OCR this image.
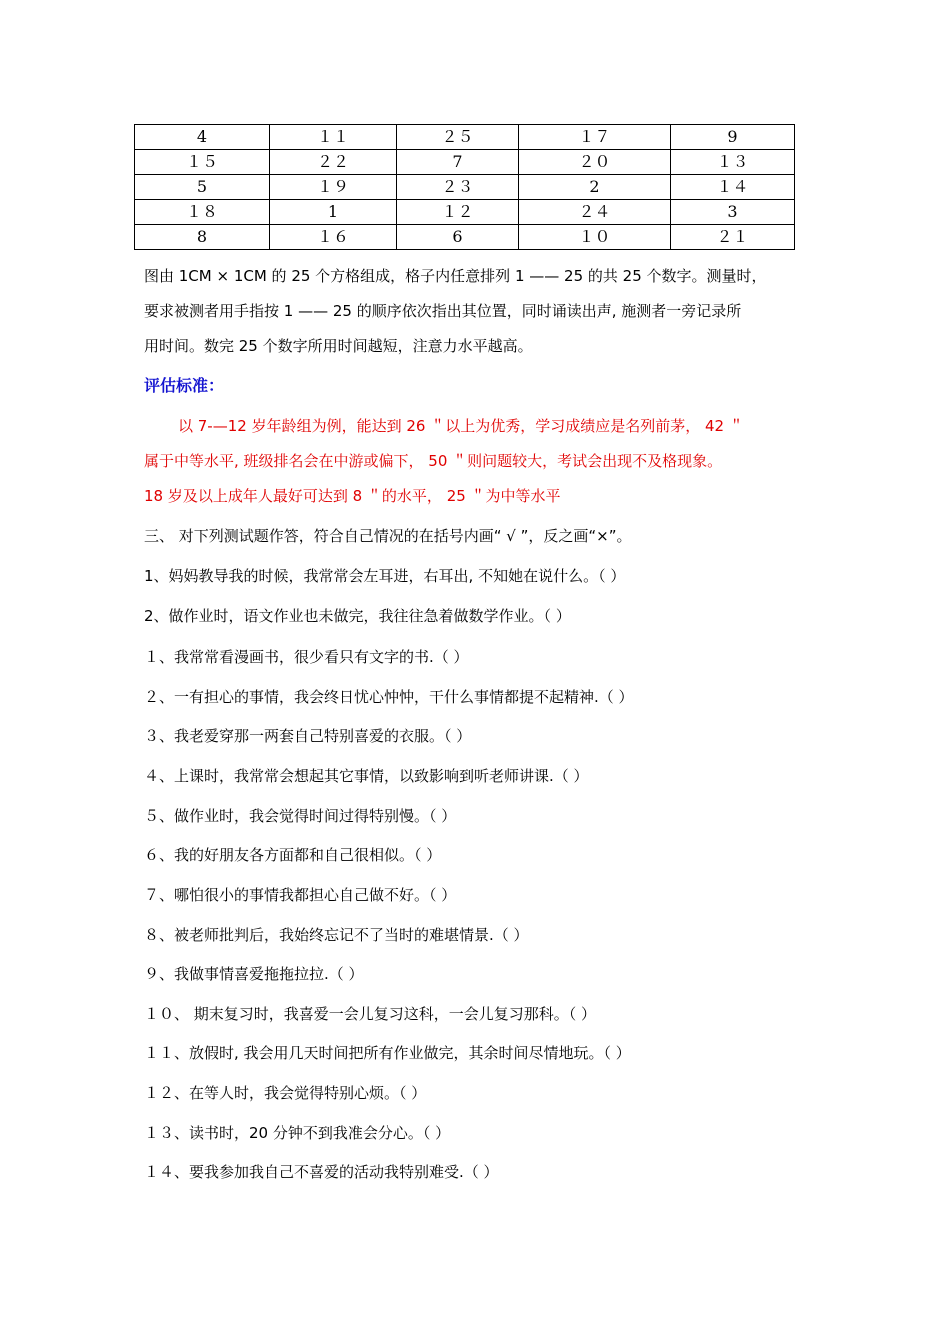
4	１１	２５	１７	9
１５	２２	7	２０	１３
5	１９	２３	2	１４
１８	1	１２	２４	3
8	１６	6	１０	２１
图由 1CM × 1CM 的 25 个方格组成，格子内任意排列 1 —— 25 的共 25 个数字。测量时，
要求被测者用手指按 1 —— 25 的顺序依次指出其位置，同时诵读出声, 施测者一旁记录所
用时间。数完 25 个数字所用时间越短，注意力水平越高。
评估标准：
以 7-—12 岁年龄组为例，能达到 26 ＂以上为优秀，学习成绩应是名列前茅， 42 ＂
属于中等水平, 班级排名会在中游或偏下， 50 ＂则问题较大，考试会出现不及格现象。
18 岁及以上成年人最好可达到 8 ＂的水平， 25 ＂为中等水平
三、 对下列测试题作答，符合自己情况的在括号内画“ √ ”，反之画“×”。
1、妈妈教导我的时候，我常常会左耳进，右耳出, 不知她在说什么。（ ）
2、做作业时，语文作业也未做完，我往往急着做数学作业。（ ）
１、我常常看漫画书，很少看只有文字的书.（ ）
２、一有担心的事情，我会终日忧心忡忡，干什么事情都提不起精神.（ ）
３、我老爱穿那一两套自己特别喜爱的衣服。（ ）
４、上课时，我常常会想起其它事情，以致影响到听老师讲课.（ ）
５、做作业时，我会觉得时间过得特别慢。（ ）
６、我的好朋友各方面都和自己很相似。（ ）
７、哪怕很小的事情我都担心自己做不好。（ ）
８、被老师批判后，我始终忘记不了当时的难堪情景.（ ）
９、我做事情喜爱拖拖拉拉.（ ）
１０、 期末复习时，我喜爱一会儿复习这科，一会儿复习那科。（ ）
１１、放假时, 我会用几天时间把所有作业做完，其余时间尽情地玩。（ ）
１２、在等人时，我会觉得特别心烦。（ ）
１３、读书时，20 分钟不到我准会分心。（ ）
１４、要我参加我自己不喜爱的活动我特别难受.（ ）
